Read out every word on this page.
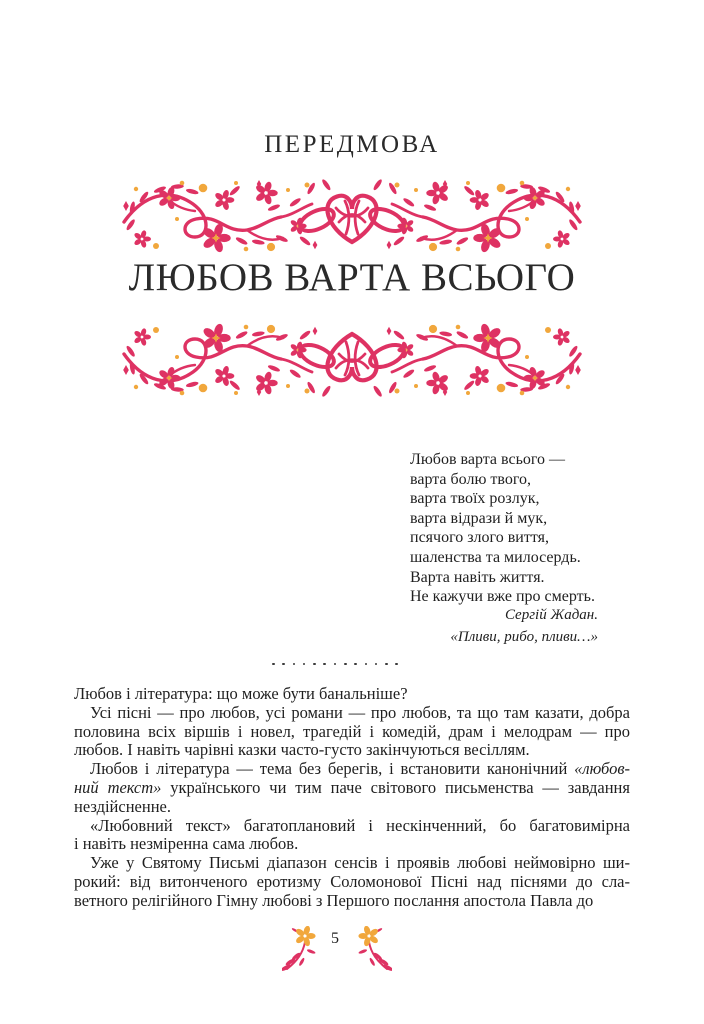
ПЕРЕДМОВА
ЛЮБОВ ВАРТА ВСЬОГО
Любов варта всього —
варта болю твого,
варта твоїх розлук,
варта відрази й мук,
псячого злого виття,
шаленства та милосердь.
Варта навіть життя.
Не кажучи вже про смерть.
Сергій Жадан.
«Пливи, рибо, пливи…»
Любов і література: що може бути банальніше?
Усі пісні — про любов, усі романи — про любов, та що там казати, добра
половина всіх віршів і новел, трагедій і комедій, драм і мелодрам — про
любов. І навіть чарівні казки часто-густо закінчуються весіллям.
Любов і література — тема без берегів, і встановити канонічний «любов-
ний текст» українського чи тим паче світового письменства — завдання
нездійсненне.
«Любовний текст» багатоплановий і нескінченний, бо багатовимірна
і навіть незміренна сама любов.
Уже у Святому Письмі діапазон сенсів і проявів любові неймовірно ши-
рокий: від витонченого еротизму Соломонової Пісні над піснями до сла-
ветного релігійного Гімну любові з Першого послання апостола Павла до
5
